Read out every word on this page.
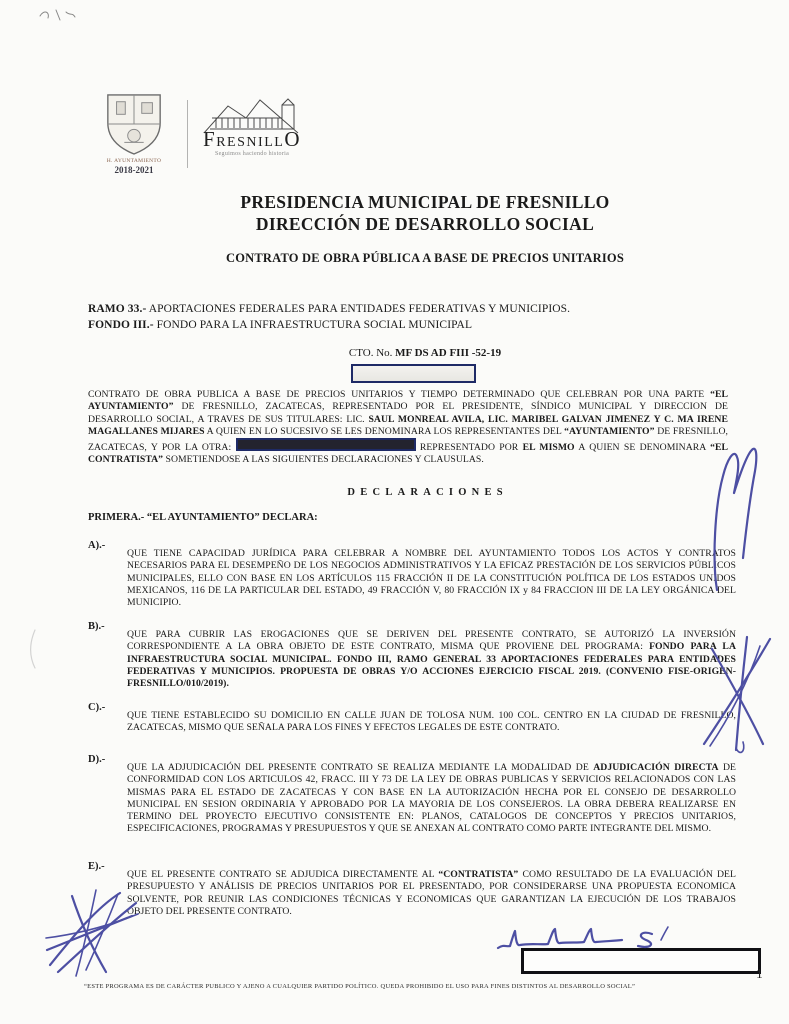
H. AYUNTAMIENTO
2018-2021
FRESNILLO
Seguimos haciendo historia
PRESIDENCIA MUNICIPAL DE FRESNILLO
DIRECCIÓN DE DESARROLLO SOCIAL
CONTRATO DE OBRA PÚBLICA A BASE DE PRECIOS UNITARIOS
RAMO 33.- APORTACIONES FEDERALES PARA ENTIDADES FEDERATIVAS Y MUNICIPIOS.
FONDO III.- FONDO PARA LA INFRAESTRUCTURA SOCIAL MUNICIPAL
CTO. No. MF DS AD FIII -52-19
CONTRATO DE OBRA PUBLICA A BASE DE PRECIOS UNITARIOS Y TIEMPO DETERMINADO QUE CELEBRAN POR UNA PARTE “EL AYUNTAMIENTO” DE FRESNILLO, ZACATECAS, REPRESENTADO POR EL PRESIDENTE, SÍNDICO MUNICIPAL Y DIRECCION DE DESARROLLO SOCIAL, A TRAVES DE SUS TITULARES: LIC. SAUL MONREAL AVILA, LIC. MARIBEL GALVAN JIMENEZ Y C. MA IRENE MAGALLANES MIJARES A QUIEN EN LO SUCESIVO SE LES DENOMINARA LOS REPRESENTANTES DEL “AYUNTAMIENTO” DE FRESNILLO, ZACATECAS, Y POR LA OTRA:	REPRESENTADO POR EL MISMO A QUIEN SE DENOMINARA “EL CONTRATISTA” SOMETIENDOSE A LAS SIGUIENTES DECLARACIONES Y CLAUSULAS.
DECLARACIONES
PRIMERA.- “EL AYUNTAMIENTO” DECLARA:
A).-
QUE TIENE CAPACIDAD JURÍDICA PARA CELEBRAR A NOMBRE DEL AYUNTAMIENTO TODOS LOS ACTOS Y CONTRATOS NECESARIOS PARA EL DESEMPEÑO DE LOS NEGOCIOS ADMINISTRATIVOS Y LA EFICAZ PRESTACIÓN DE LOS SERVICIOS PÚBLICOS MUNICIPALES, ELLO CON BASE EN LOS ARTÍCULOS 115 FRACCIÓN II DE LA CONSTITUCIÓN POLÍTICA DE LOS ESTADOS UNIDOS MEXICANOS, 116 DE LA PARTICULAR DEL ESTADO, 49 FRACCIÓN V, 80 FRACCIÓN IX y 84 FRACCION III DE LA LEY ORGÁNICA DEL MUNICIPIO.
B).-
QUE PARA CUBRIR LAS EROGACIONES QUE SE DERIVEN DEL PRESENTE CONTRATO, SE AUTORIZÓ LA INVERSIÓN CORRESPONDIENTE A LA OBRA OBJETO DE ESTE CONTRATO, MISMA QUE PROVIENE DEL PROGRAMA: FONDO PARA LA INFRAESTRUCTURA SOCIAL MUNICIPAL. FONDO III, RAMO GENERAL 33 APORTACIONES FEDERALES PARA ENTIDADES FEDERATIVAS Y MUNICIPIOS. PROPUESTA DE OBRAS Y/O ACCIONES EJERCICIO FISCAL 2019. (CONVENIO FISE-ORIGEN-FRESNILLO/010/2019).
C).-
QUE TIENE ESTABLECIDO SU DOMICILIO EN CALLE JUAN DE TOLOSA NUM. 100 COL. CENTRO EN LA CIUDAD DE FRESNILLO, ZACATECAS, MISMO QUE SEÑALA PARA LOS FINES Y EFECTOS LEGALES DE ESTE CONTRATO.
D).-
QUE LA ADJUDICACIÓN DEL PRESENTE CONTRATO SE REALIZA MEDIANTE LA MODALIDAD DE ADJUDICACIÓN DIRECTA DE CONFORMIDAD CON LOS ARTICULOS 42, FRACC. III Y 73 DE LA LEY DE OBRAS PUBLICAS Y SERVICIOS RELACIONADOS CON LAS MISMAS PARA EL ESTADO DE ZACATECAS Y CON BASE EN LA AUTORIZACIÓN HECHA POR EL CONSEJO DE DESARROLLO MUNICIPAL EN SESION ORDINARIA Y APROBADO POR LA MAYORIA DE LOS CONSEJEROS. LA OBRA DEBERA REALIZARSE EN TERMINO DEL PROYECTO EJECUTIVO CONSISTENTE EN: PLANOS, CATALOGOS DE CONCEPTOS Y PRECIOS UNITARIOS, ESPECIFICACIONES, PROGRAMAS Y PRESUPUESTOS Y QUE SE ANEXAN AL CONTRATO COMO PARTE INTEGRANTE DEL MISMO.
E).-
QUE EL PRESENTE CONTRATO SE ADJUDICA DIRECTAMENTE AL “CONTRATISTA” COMO RESULTADO DE LA EVALUACIÓN DEL PRESUPUESTO Y ANÁLISIS DE PRECIOS UNITARIOS POR EL PRESENTADO, POR CONSIDERARSE UNA PROPUESTA ECONOMICA SOLVENTE, POR REUNIR LAS CONDICIONES TÉCNICAS Y ECONOMICAS QUE GARANTIZAN LA EJECUCIÓN DE LOS TRABAJOS OBJETO DEL PRESENTE CONTRATO.
“ESTE PROGRAMA ES DE CARÁCTER PUBLICO Y AJENO A CUALQUIER PARTIDO POLÍTICO. QUEDA PROHIBIDO EL USO PARA FINES DISTINTOS AL DESARROLLO SOCIAL”
1
